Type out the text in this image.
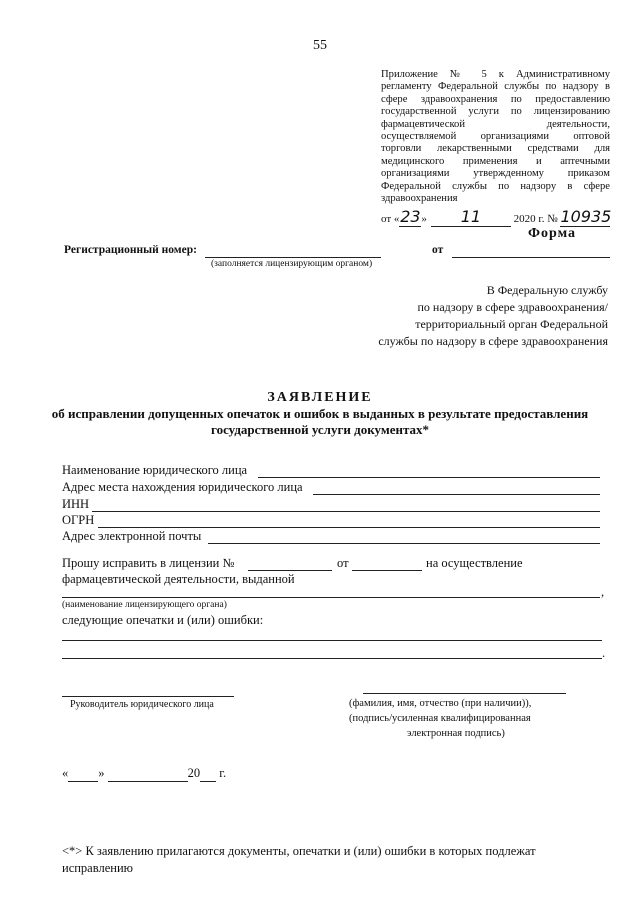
55
Приложение № 5 к Административному
регламенту Федеральной службы по надзору в
сфере здравоохранения по предоставлению
государственной услуги по лицензированию
фармацевтической деятельности,
осуществляемой организациями оптовой
торговли лекарственными средствами для
медицинского применения и аптечными
организациями утвержденному приказом
Федеральной службы по надзору в сфере
здравоохранения
от «23» 11	2020 г. № 10935
Форма
Регистрационный номер:
(заполняется лицензирующим органом)
от
В Федеральную службу
по надзору в сфере здравоохранения/
территориальный орган Федеральной
службы по надзору в сфере здравоохранения
ЗАЯВЛЕНИЕ
об исправлении допущенных опечаток и ошибок в выданных в результате предоставления
государственной услуги документах*
Наименование юридического лица
Адрес места нахождения юридического лица
ИНН
ОГРН
Адрес электронной почты
Прошу исправить в лицензии №	от	на осуществление
фармацевтической деятельности, выданной
,
(наименование лицензирующего органа)
следующие опечатки и (или) ошибки:
.
Руководитель юридического лица	(фамилия, имя, отчество (при наличии)),
(подпись/усиленная квалифицированная
электронная подпись)
« »	20 г.
<*> К заявлению прилагаются документы, опечатки и (или) ошибки в которых подлежат
исправлению
